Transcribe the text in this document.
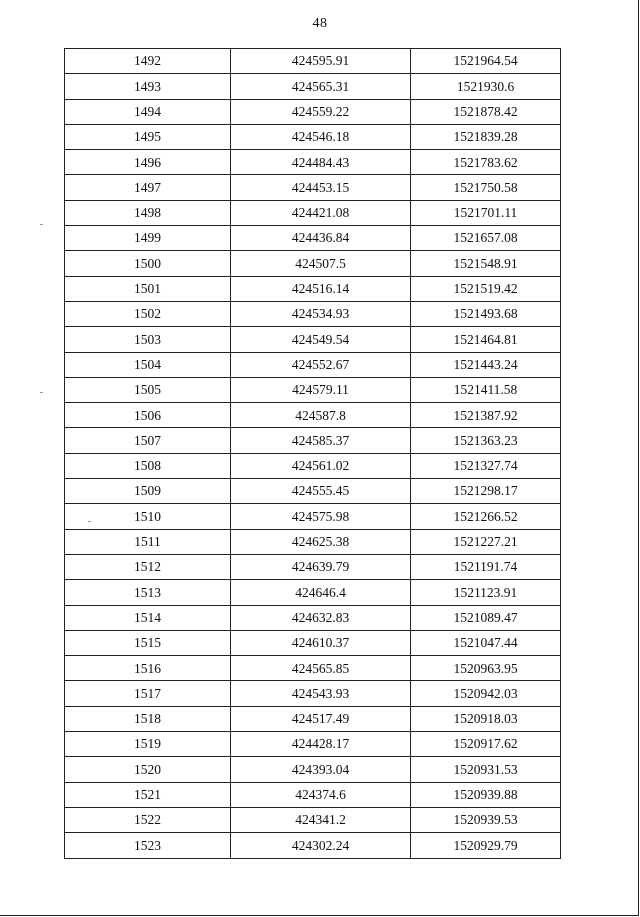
48
1492	424595.91	1521964.54
1493	424565.31	1521930.6
1494	424559.22	1521878.42
1495	424546.18	1521839.28
1496	424484.43	1521783.62
1497	424453.15	1521750.58
1498	424421.08	1521701.11
1499	424436.84	1521657.08
1500	424507.5	1521548.91
1501	424516.14	1521519.42
1502	424534.93	1521493.68
1503	424549.54	1521464.81
1504	424552.67	1521443.24
1505	424579.11	1521411.58
1506	424587.8	1521387.92
1507	424585.37	1521363.23
1508	424561.02	1521327.74
1509	424555.45	1521298.17
1510	424575.98	1521266.52
1511	424625.38	1521227.21
1512	424639.79	1521191.74
1513	424646.4	1521123.91
1514	424632.83	1521089.47
1515	424610.37	1521047.44
1516	424565.85	1520963.95
1517	424543.93	1520942.03
1518	424517.49	1520918.03
1519	424428.17	1520917.62
1520	424393.04	1520931.53
1521	424374.6	1520939.88
1522	424341.2	1520939.53
1523	424302.24	1520929.79
